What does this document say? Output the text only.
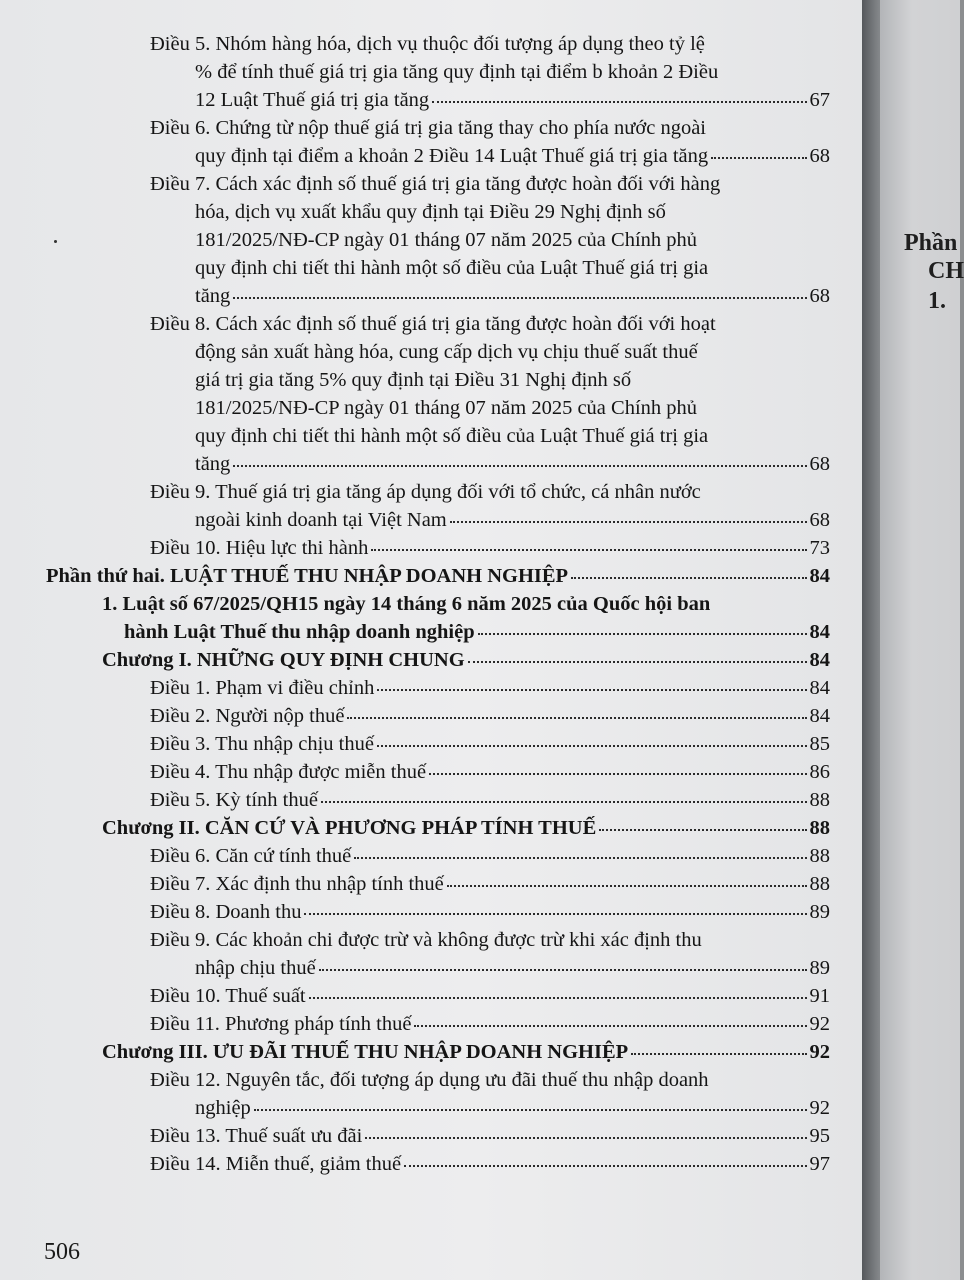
Điều 5. Nhóm hàng hóa, dịch vụ thuộc đối tượng áp dụng theo tỷ lệ
% để tính thuế giá trị gia tăng quy định tại điểm b khoản 2 Điều
12 Luật Thuế giá trị gia tăng	67
Điều 6. Chứng từ nộp thuế giá trị gia tăng thay cho phía nước ngoài
quy định tại điểm a khoản 2 Điều 14 Luật Thuế giá trị gia tăng	68
Điều 7. Cách xác định số thuế giá trị gia tăng được hoàn đối với hàng
hóa, dịch vụ xuất khẩu quy định tại Điều 29 Nghị định số
181/2025/NĐ-CP ngày 01 tháng 07 năm 2025 của Chính phủ
quy định chi tiết thi hành một số điều của Luật Thuế giá trị gia
tăng	68
Điều 8. Cách xác định số thuế giá trị gia tăng được hoàn đối với hoạt
động sản xuất hàng hóa, cung cấp dịch vụ chịu thuế suất thuế
giá trị gia tăng 5% quy định tại Điều 31 Nghị định số
181/2025/NĐ-CP ngày 01 tháng 07 năm 2025 của Chính phủ
quy định chi tiết thi hành một số điều của Luật Thuế giá trị gia
tăng	68
Điều 9. Thuế giá trị gia tăng áp dụng đối với tổ chức, cá nhân nước
ngoài kinh doanh tại Việt Nam	68
Điều 10. Hiệu lực thi hành	73
Phần thứ hai. LUẬT THUẾ THU NHẬP DOANH NGHIỆP	84
1. Luật số 67/2025/QH15 ngày 14 tháng 6 năm 2025 của Quốc hội ban
hành Luật Thuế thu nhập doanh nghiệp	84
Chương I. NHỮNG QUY ĐỊNH CHUNG	84
Điều 1. Phạm vi điều chỉnh	84
Điều 2. Người nộp thuế	84
Điều 3. Thu nhập chịu thuế	85
Điều 4. Thu nhập được miễn thuế	86
Điều 5. Kỳ tính thuế	88
Chương II. CĂN CỨ VÀ PHƯƠNG PHÁP TÍNH THUẾ	88
Điều 6. Căn cứ tính thuế	88
Điều 7. Xác định thu nhập tính thuế	88
Điều 8. Doanh thu	89
Điều 9. Các khoản chi được trừ và không được trừ khi xác định thu
nhập chịu thuế	89
Điều 10. Thuế suất	91
Điều 11. Phương pháp tính thuế	92
Chương III. ƯU ĐÃI THUẾ THU NHẬP DOANH NGHIỆP	92
Điều 12. Nguyên tắc, đối tượng áp dụng ưu đãi thuế thu nhập doanh
nghiệp	92
Điều 13. Thuế suất ưu đãi	95
Điều 14. Miễn thuế, giảm thuế	97
506
Phần
CH
1.
